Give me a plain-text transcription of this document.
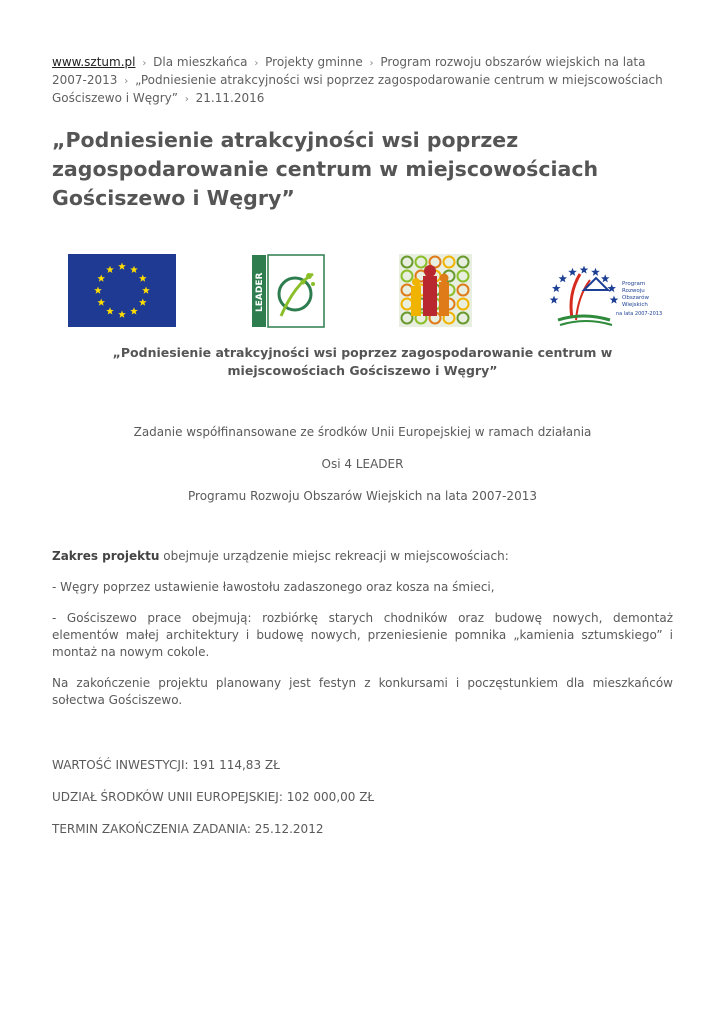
www.sztum.pl › Dla mieszkańca › Projekty gminne › Program rozwoju obszarów wiejskich na lata 2007-2013 › „Podniesienie atrakcyjności wsi poprzez zagospodarowanie centrum w miejscowościach Gościszewo i Węgry” › 21.11.2016
„Podniesienie atrakcyjności wsi poprzez zagospodarowanie centrum w miejscowościach Gościszewo i Węgry”
LEADER	Program
Rozwoju
Obszarów
Wiejskich
na lata 2007-2013
„Podniesienie atrakcyjności wsi poprzez zagospodarowanie centrum w miejscowościach Gościszewo i Węgry”

Zadanie współfinansowane ze środków Unii Europejskiej w ramach działania

Osi 4 LEADER

Programu Rozwoju Obszarów Wiejskich na lata 2007-2013

Zakres projektu obejmuje urządzenie miejsc rekreacji w miejscowościach:

- Węgry poprzez ustawienie ławostołu zadaszonego oraz kosza na śmieci,

- Gościszewo prace obejmują: rozbiórkę starych chodników oraz budowę nowych, demontaż elementów małej architektury i budowę nowych, przeniesienie pomnika „kamienia sztumskiego” i montaż na nowym cokole.

Na zakończenie projektu planowany jest festyn z konkursami i poczęstunkiem dla mieszkańców sołectwa Gościszewo.

WARTOŚĆ INWESTYCJI: 191 114,83 ZŁ

UDZIAŁ ŚRODKÓW UNII EUROPEJSKIEJ: 102 000,00 ZŁ

TERMIN ZAKOŃCZENIA ZADANIA: 25.12.2012
